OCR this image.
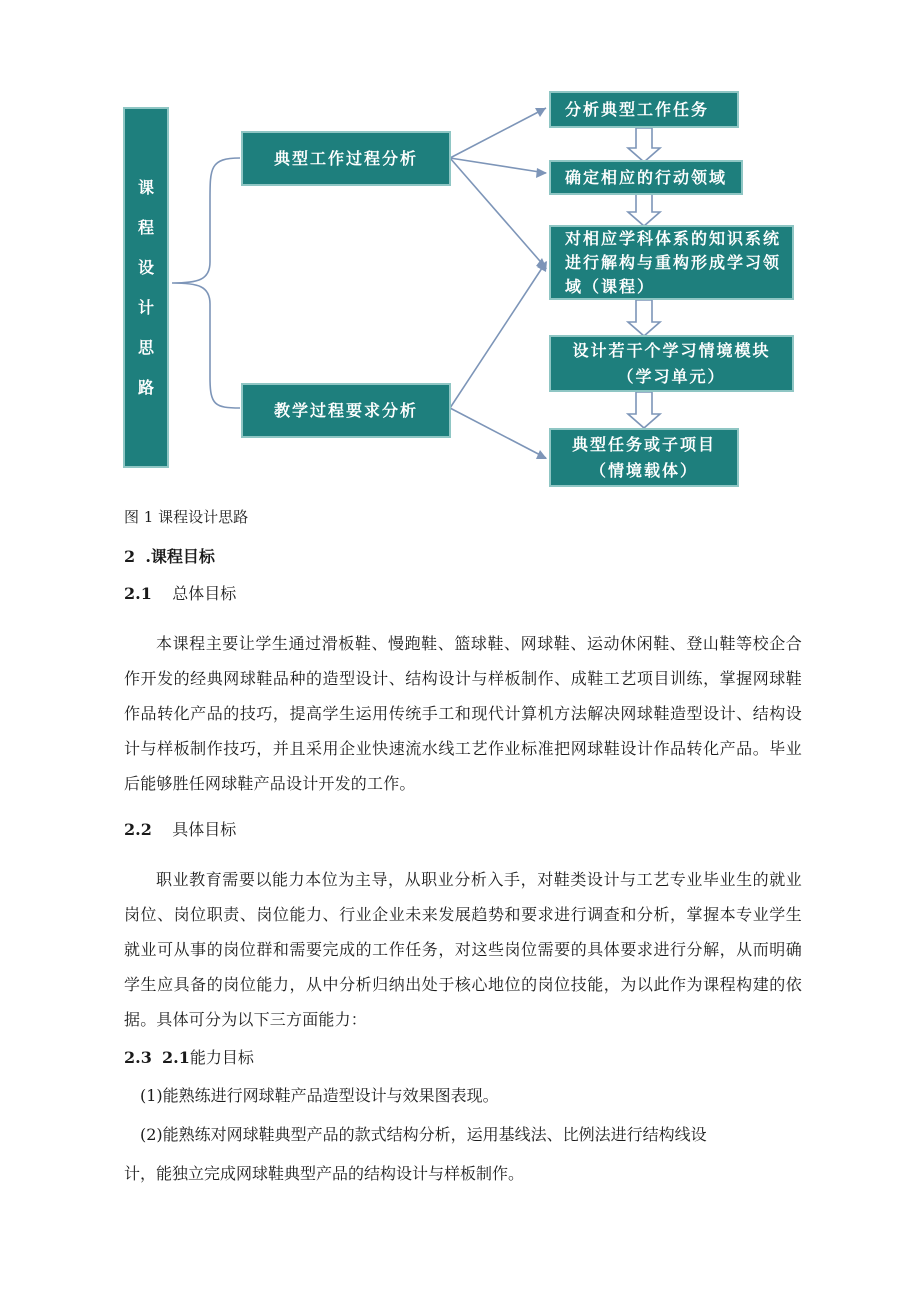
课
程
设
计
思
路
典型工作过程分析
教学过程要求分析
分析典型工作任务
确定相应的行动领域
对相应学科体系的知识系统
进行解构与重构形成学习领
域（课程）
设计若干个学习情境模块
（学习单元）
典型任务或子项目
（情境载体）
图 1 课程设计思路
2 .课程目标
2.1 总体目标
本课程主要让学生通过滑板鞋、慢跑鞋、篮球鞋、网球鞋、运动休闲鞋、登山鞋等校企合作开发的经典网球鞋品种的造型设计、结构设计与样板制作、成鞋工艺项目训练，掌握网球鞋作品转化产品的技巧，提高学生运用传统手工和现代计算机方法解决网球鞋造型设计、结构设计与样板制作技巧，并且采用企业快速流水线工艺作业标准把网球鞋设计作品转化产品。毕业后能够胜任网球鞋产品设计开发的工作。
2.2 具体目标
职业教育需要以能力本位为主导，从职业分析入手，对鞋类设计与工艺专业毕业生的就业岗位、岗位职责、岗位能力、行业企业未来发展趋势和要求进行调查和分析，掌握本专业学生就业可从事的岗位群和需要完成的工作任务，对这些岗位需要的具体要求进行分解，从而明确学生应具备的岗位能力，从中分析归纳出处于核心地位的岗位技能，为以此作为课程构建的依据。具体可分为以下三方面能力：
2.3 2.1能力目标
(1)能熟练进行网球鞋产品造型设计与效果图表现。
(2)能熟练对网球鞋典型产品的款式结构分析，运用基线法、比例法进行结构线设
计，能独立完成网球鞋典型产品的结构设计与样板制作。
